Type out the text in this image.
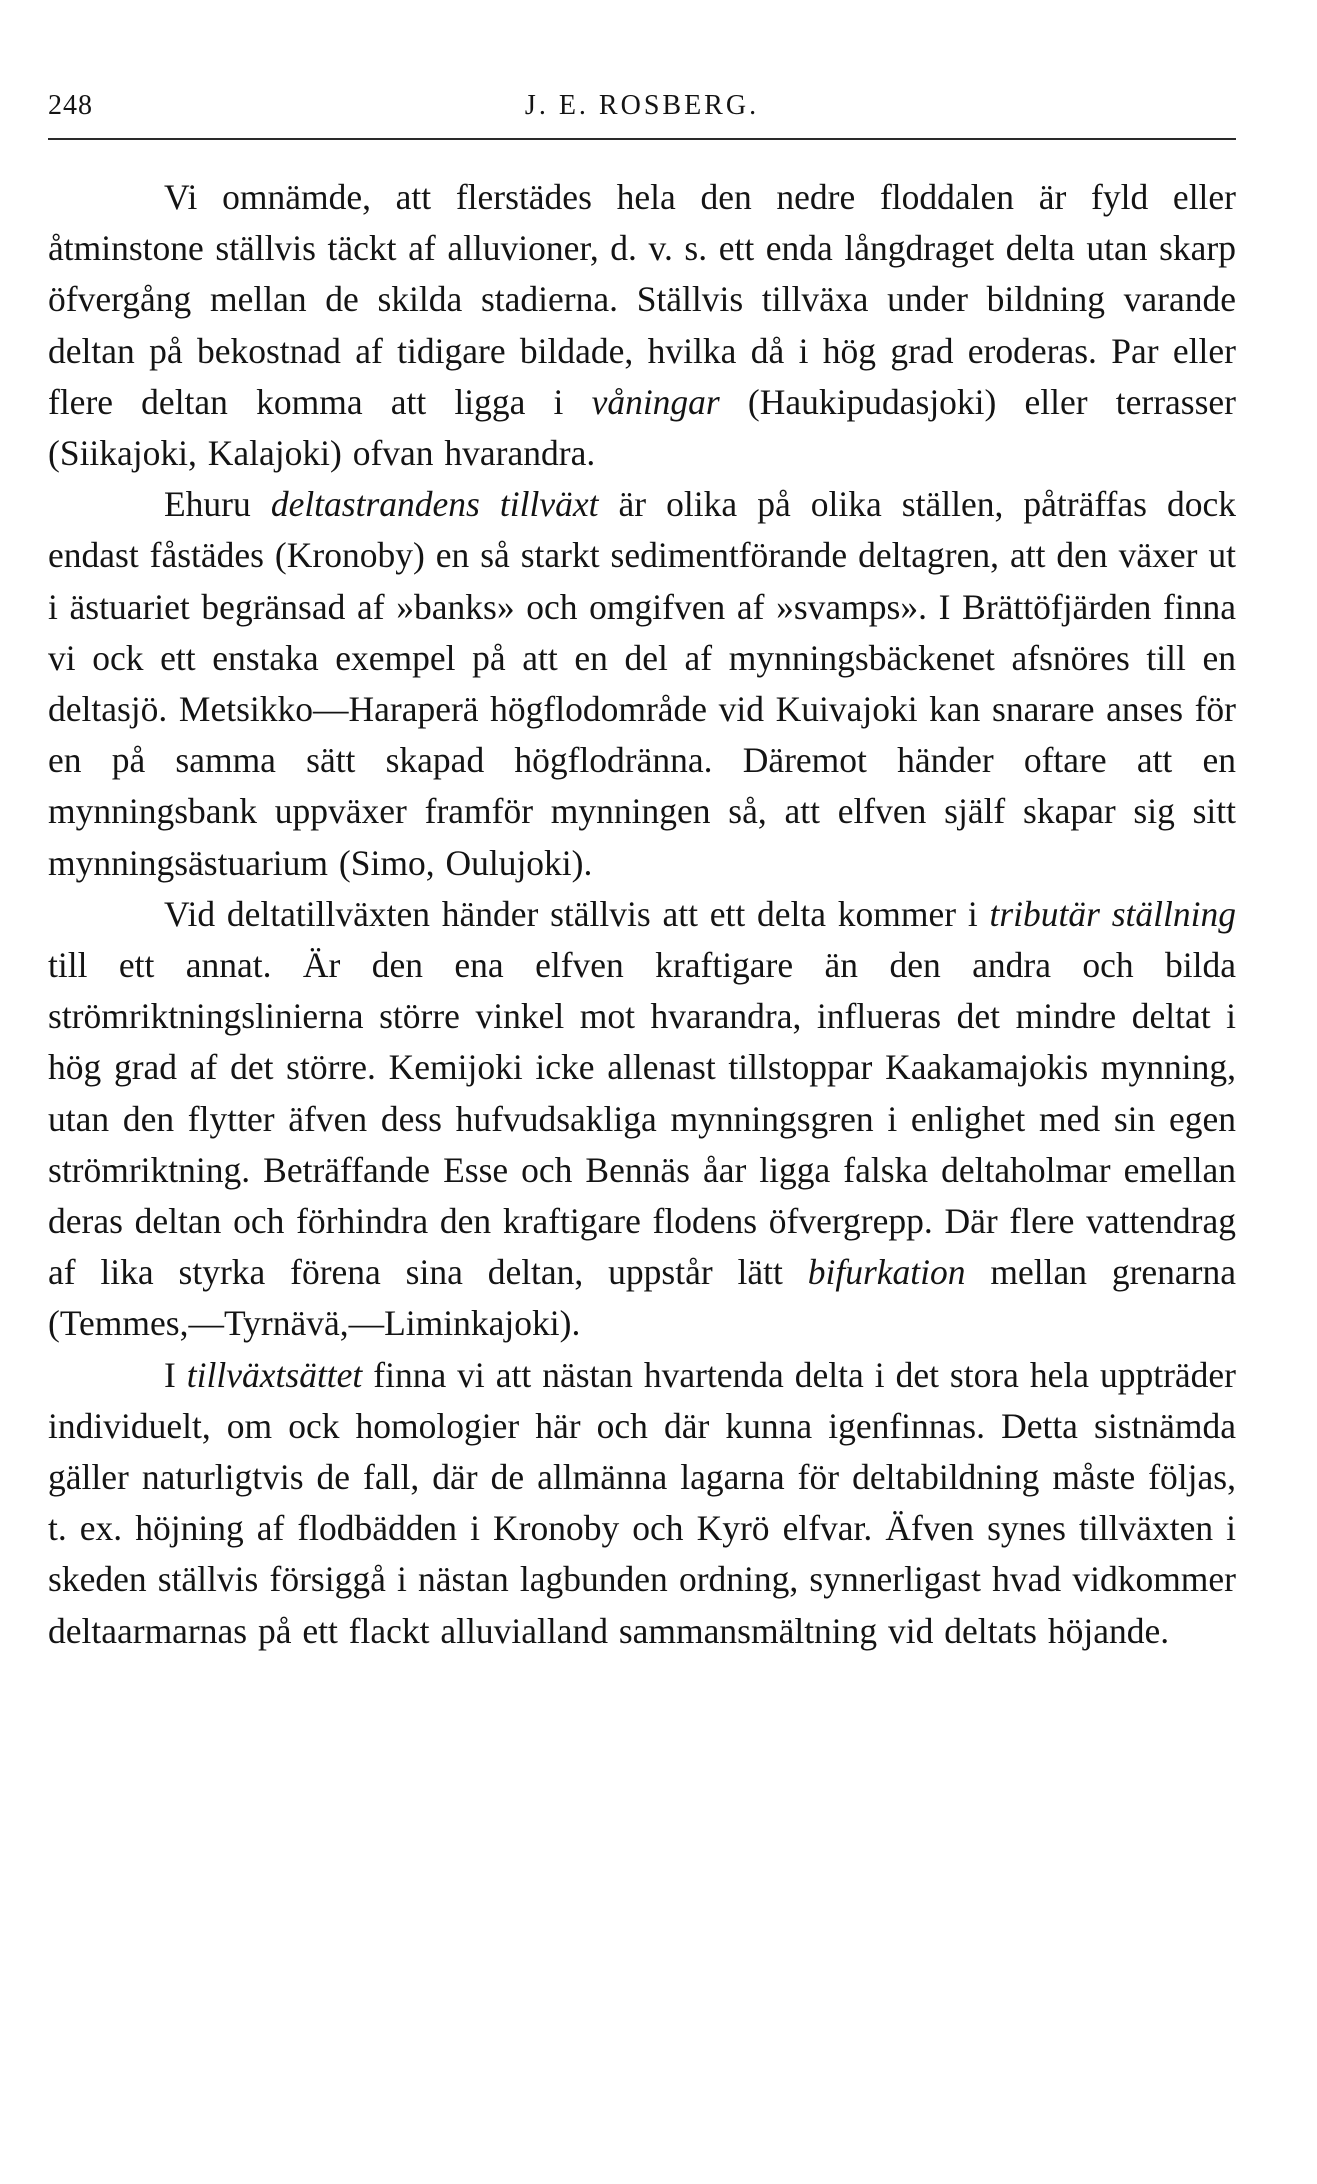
248	J. E. ROSBERG.

Vi omnämde, att flerstädes hela den nedre floddalen är fyld eller åtminstone ställvis täckt af alluvioner, d. v. s. ett enda långdraget delta utan skarp öfvergång mellan de skilda stadierna. Ställvis tillväxa under bildning varande deltan på bekostnad af tidigare bildade, hvilka då i hög grad eroderas. Par eller flere deltan komma att ligga i våningar (Haukipudasjoki) eller terrasser (Siikajoki, Kalajoki) ofvan hvarandra.

Ehuru deltastrandens tillväxt är olika på olika ställen, påträffas dock endast fåstädes (Kronoby) en så starkt sedimentförande deltagren, att den växer ut i ästuariet begränsad af »banks» och omgifven af »svamps». I Brättöfjärden finna vi ock ett enstaka exempel på att en del af mynningsbäckenet afsnöres till en deltasjö. Metsikko—Haraperä högflodområde vid Kuivajoki kan snarare anses för en på samma sätt skapad högflodränna. Däremot händer oftare att en mynningsbank uppväxer framför mynningen så, att elfven själf skapar sig sitt mynningsästuarium (Simo, Oulujoki).

Vid deltatillväxten händer ställvis att ett delta kommer i tributär ställning till ett annat. Är den ena elfven kraftigare än den andra och bilda strömriktningslinierna större vinkel mot hvarandra, influeras det mindre deltat i hög grad af det större. Kemijoki icke allenast tillstoppar Kaakamajokis mynning, utan den flytter äfven dess hufvudsakliga mynningsgren i enlighet med sin egen strömriktning. Beträffande Esse och Bennäs åar ligga falska deltaholmar emellan deras deltan och förhindra den kraftigare flodens öfvergrepp. Där flere vattendrag af lika styrka förena sina deltan, uppstår lätt bifurkation mellan grenarna (Temmes,—Tyrnävä,—Liminkajoki).

I tillväxtsättet finna vi att nästan hvartenda delta i det stora hela uppträder individuelt, om ock homologier här och där kunna igenfinnas. Detta sistnämda gäller naturligtvis de fall, där de allmänna lagarna för deltabildning måste följas, t. ex. höjning af flodbädden i Kronoby och Kyrö elfvar. Äfven synes tillväxten i skeden ställvis försiggå i nästan lagbunden ordning, synnerligast hvad vidkommer deltaarmarnas på ett flackt alluvialland sammansmältning vid deltats höjande.
